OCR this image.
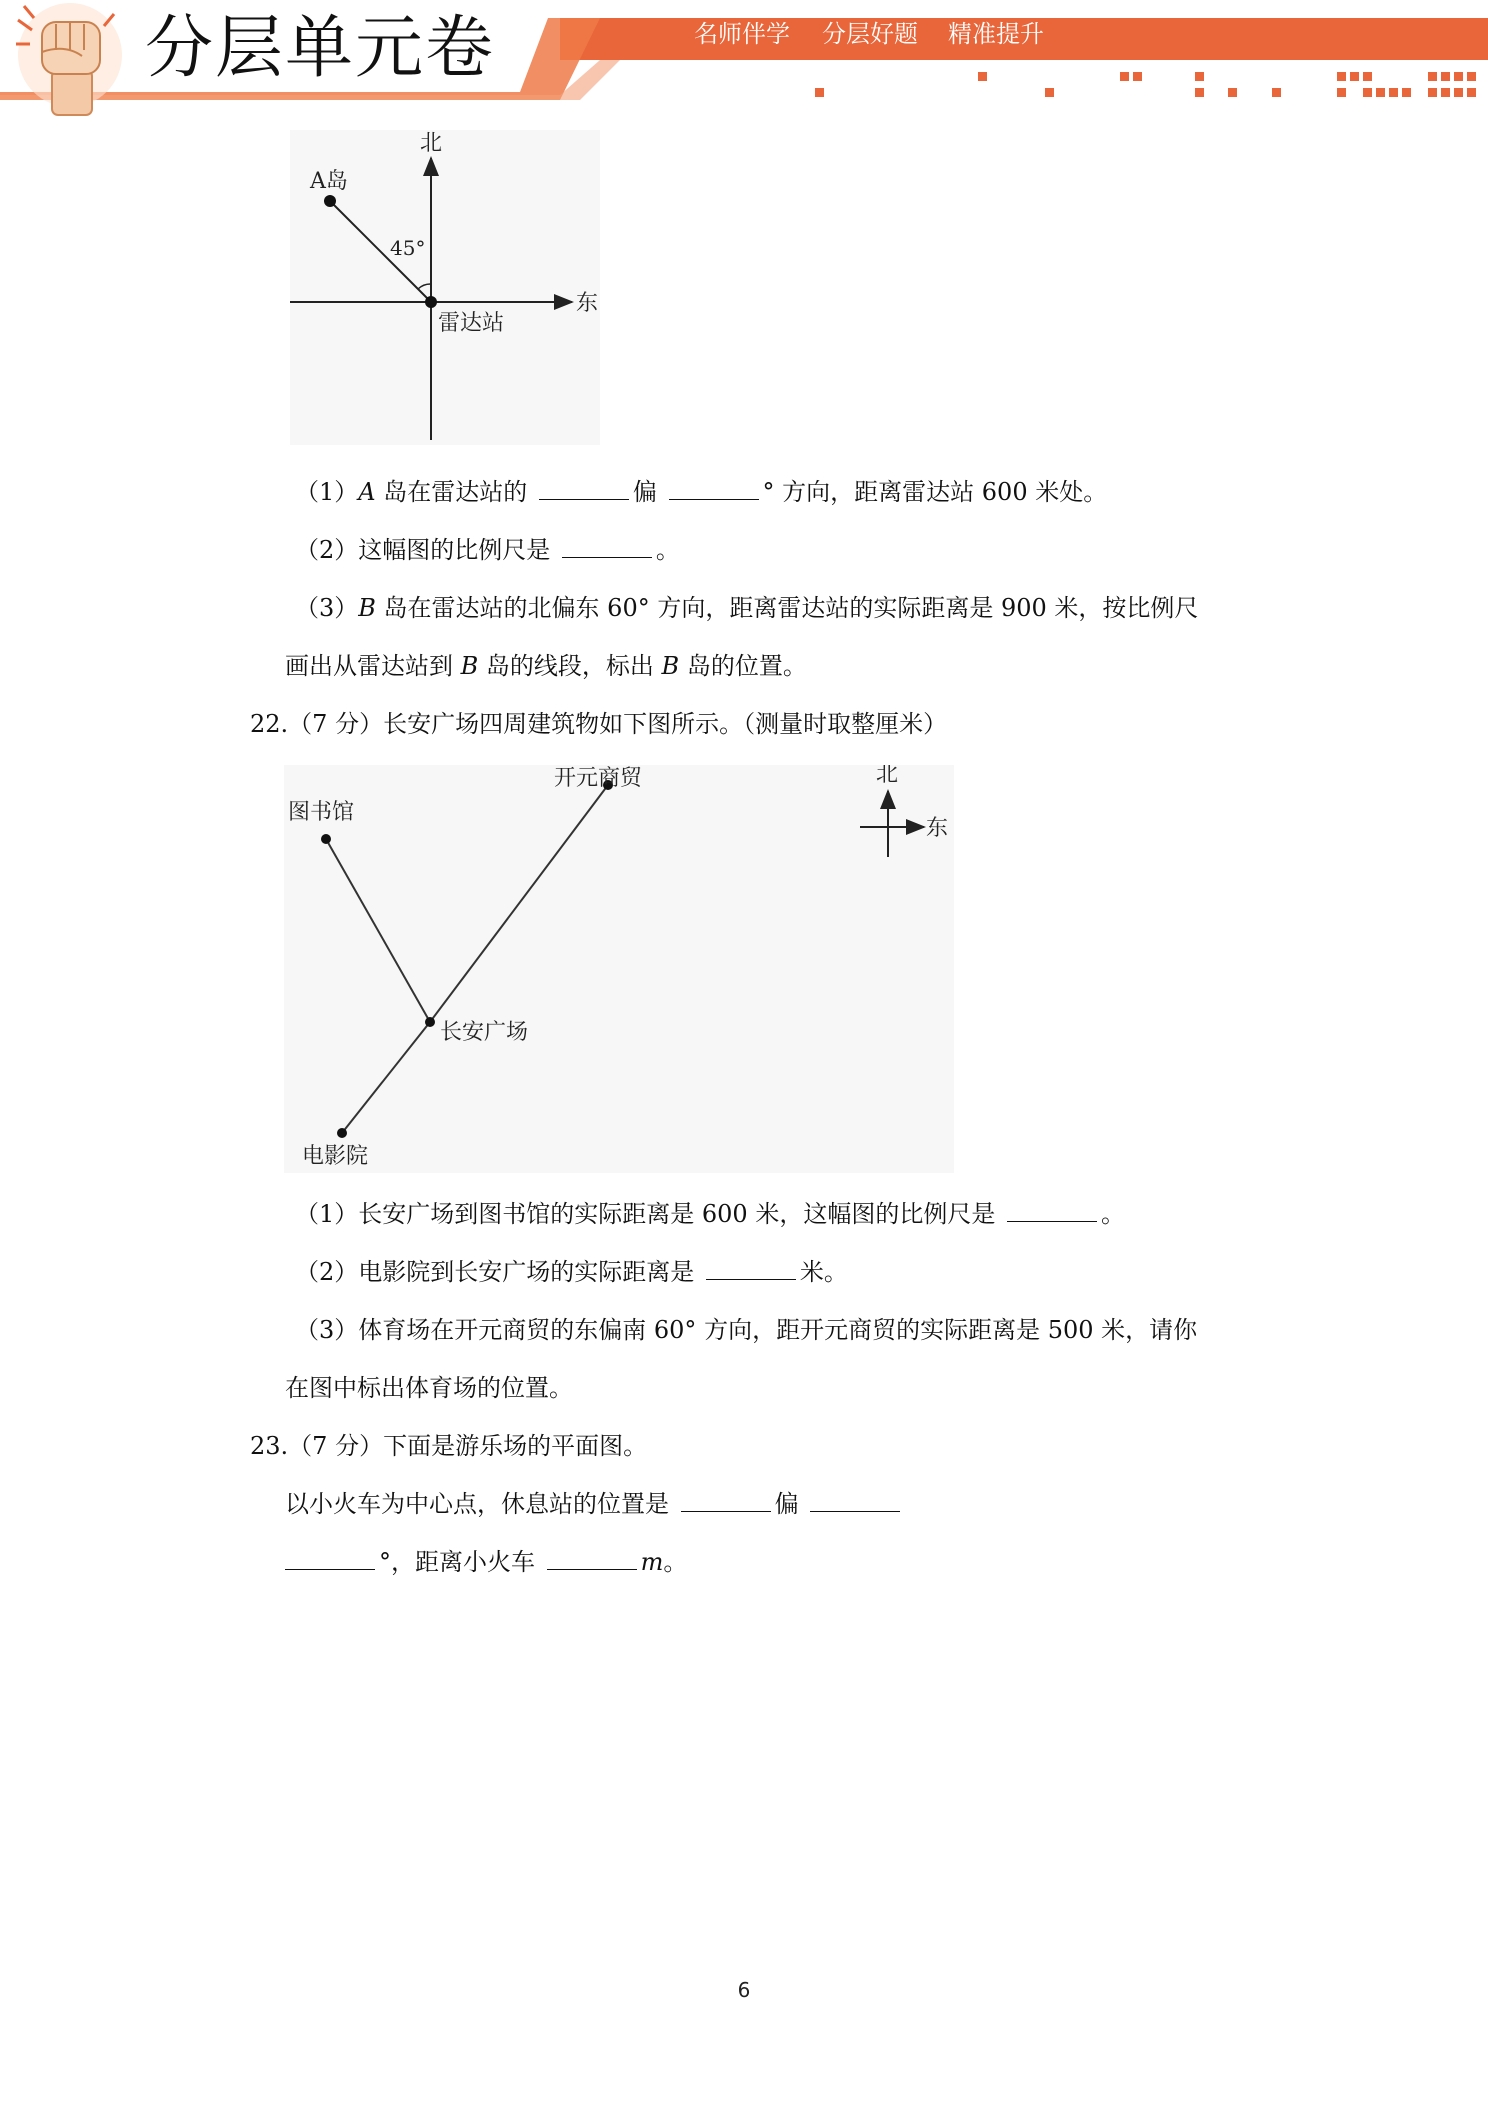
分层单元卷	名师伴学 分层好题 精准提升
北
东
A岛
45°
雷达站
（1）A 岛在雷达站的	偏	° 方向，距离雷达站 600 米处。
（2）这幅图的比例尺是	。
（3）B 岛在雷达站的北偏东 60° 方向，距离雷达站的实际距离是 900 米，按比例尺
画出从雷达站到 B 岛的线段，标出 B 岛的位置。
22.（7 分）长安广场四周建筑物如下图所示。（测量时取整厘米）
图书馆
开元商贸
长安广场
电影院
北
东
（1）长安广场到图书馆的实际距离是 600 米，这幅图的比例尺是	。
（2）电影院到长安广场的实际距离是	米。
（3）体育场在开元商贸的东偏南 60° 方向，距开元商贸的实际距离是 500 米，请你
在图中标出体育场的位置。
23.（7 分）下面是游乐场的平面图。
以小火车为中心点，休息站的位置是	偏
°，距离小火车	m。
6
